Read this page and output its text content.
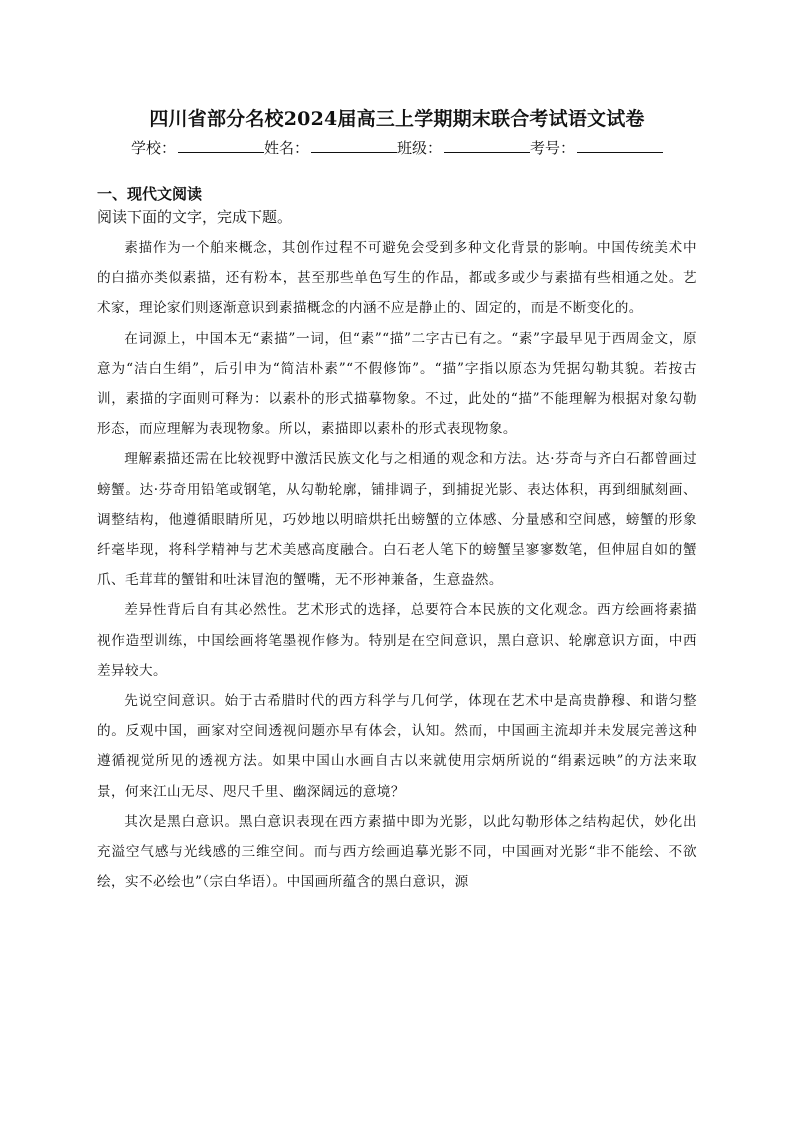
四川省部分名校2024届高三上学期期末联合考试语文试卷
学校：	姓名：	班级：	考号：
一、现代文阅读
阅读下面的文字，完成下题。

素描作为一个舶来概念，其创作过程不可避免会受到多种文化背景的影响。中国传统美术中的白描亦类似素描，还有粉本，甚至那些单色写生的作品，都或多或少与素描有些相通之处。艺术家，理论家们则逐渐意识到素描概念的内涵不应是静止的、固定的，而是不断变化的。

在词源上，中国本无“素描”一词，但“素”“描”二字古已有之。“素”字最早见于西周金文，原意为“洁白生绢”，后引申为“简洁朴素”“不假修饰”。“描”字指以原态为凭据勾勒其貌。若按古训，素描的字面则可释为：以素朴的形式描摹物象。不过，此处的“描”不能理解为根据对象勾勒形态，而应理解为表现物象。所以，素描即以素朴的形式表现物象。

理解素描还需在比较视野中激活民族文化与之相通的观念和方法。达·芬奇与齐白石都曾画过螃蟹。达·芬奇用铅笔或钢笔，从勾勒轮廓，铺排调子，到捕捉光影、表达体积，再到细腻刻画、调整结构，他遵循眼睛所见，巧妙地以明暗烘托出螃蟹的立体感、分量感和空间感，螃蟹的形象纤毫毕现，将科学精神与艺术美感高度融合。白石老人笔下的螃蟹呈寥寥数笔，但伸屈自如的蟹爪、毛茸茸的蟹钳和吐沫冒泡的蟹嘴，无不形神兼备，生意盎然。

差异性背后自有其必然性。艺术形式的选择，总要符合本民族的文化观念。西方绘画将素描视作造型训练，中国绘画将笔墨视作修为。特别是在空间意识，黑白意识、轮廓意识方面，中西差异较大。

先说空间意识。始于古希腊时代的西方科学与几何学，体现在艺术中是高贵静穆、和谐匀整的。反观中国，画家对空间透视问题亦早有体会，认知。然而，中国画主流却并未发展完善这种遵循视觉所见的透视方法。如果中国山水画自古以来就使用宗炳所说的“绢素远映”的方法来取景，何来江山无尽、咫尺千里、幽深阔远的意境？

其次是黑白意识。黑白意识表现在西方素描中即为光影，以此勾勒形体之结构起伏，妙化出充溢空气感与光线感的三维空间。而与西方绘画追摹光影不同，中国画对光影“非不能绘、不欲绘，实不必绘也”（宗白华语）。中国画所蕴含的黑白意识，源
